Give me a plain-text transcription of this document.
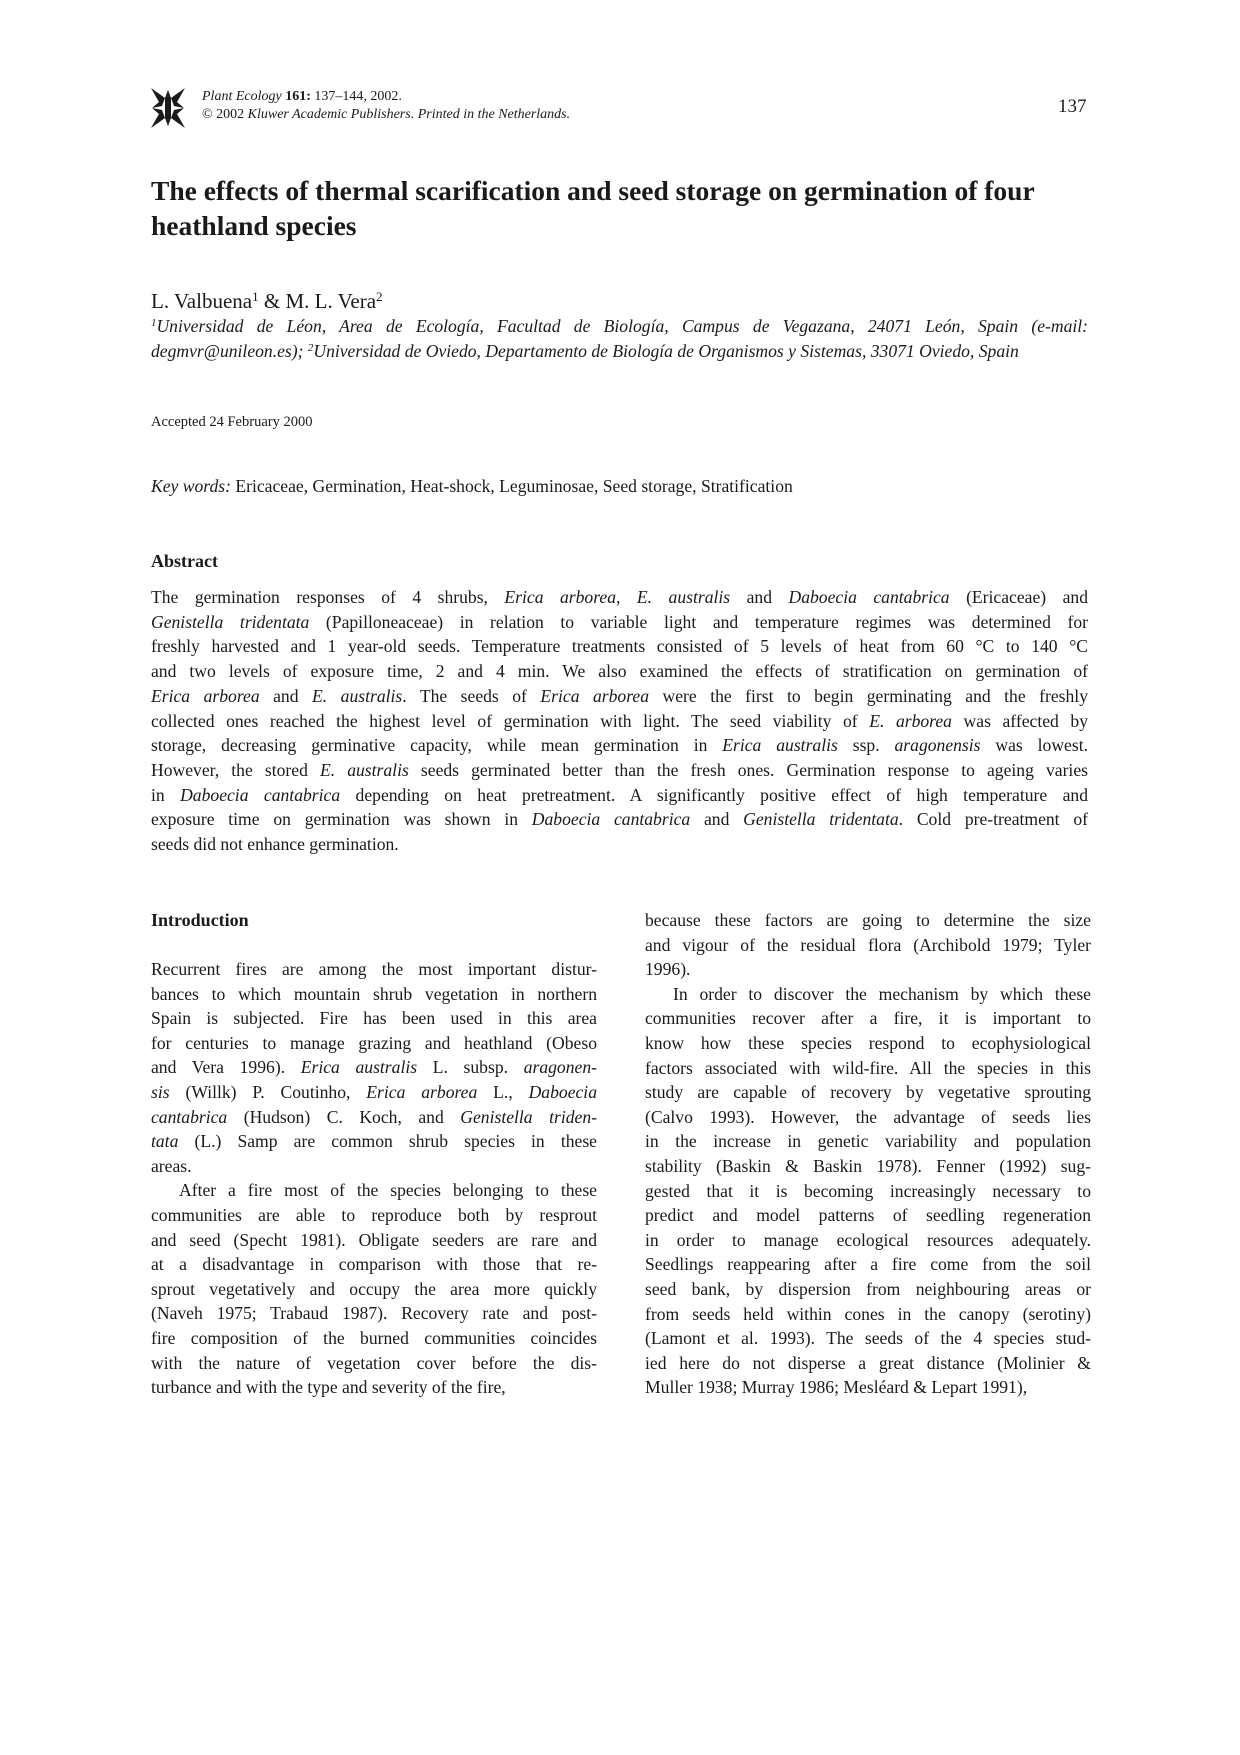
Plant Ecology 161: 137–144, 2002.
© 2002 Kluwer Academic Publishers. Printed in the Netherlands.	137
The effects of thermal scarification and seed storage on germination of four heathland species
L. Valbuena$^1$ & M. L. Vera$^2$
$^1$Universidad de Léon, Area de Ecología, Facultad de Biología, Campus de Vegazana, 24071 León, Spain (e-mail: degmvr@unileon.es); $^2$Universidad de Oviedo, Departamento de Biología de Organismos y Sistemas, 33071 Oviedo, Spain
Accepted 24 February 2000
Key words: Ericaceae, Germination, Heat-shock, Leguminosae, Seed storage, Stratification
Abstract

The germination responses of 4 shrubs, Erica arborea, E. australis and Daboecia cantabrica (Ericaceae) and
Genistella tridentata (Papilloneaceae) in relation to variable light and temperature regimes was determined for
freshly harvested and 1 year-old seeds. Temperature treatments consisted of 5 levels of heat from 60 °C to 140 °C
and two levels of exposure time, 2 and 4 min. We also examined the effects of stratification on germination of
Erica arborea and E. australis. The seeds of Erica arborea were the first to begin germinating and the freshly
collected ones reached the highest level of germination with light. The seed viability of E. arborea was affected by
storage, decreasing germinative capacity, while mean germination in Erica australis ssp. aragonensis was lowest.
However, the stored E. australis seeds germinated better than the fresh ones. Germination response to ageing varies
in Daboecia cantabrica depending on heat pretreatment. A significantly positive effect of high temperature and
exposure time on germination was shown in Daboecia cantabrica and Genistella tridentata. Cold pre-treatment of
seeds did not enhance germination.

Introduction

Recurrent fires are among the most important distur-
bances to which mountain shrub vegetation in northern
Spain is subjected. Fire has been used in this area
for centuries to manage grazing and heathland (Obeso
and Vera 1996). Erica australis L. subsp. aragonen-
sis (Willk) P. Coutinho, Erica arborea L., Daboecia
cantabrica (Hudson) C. Koch, and Genistella triden-
tata (L.) Samp are common shrub species in these
areas.
After a fire most of the species belonging to these
communities are able to reproduce both by resprout
and seed (Specht 1981). Obligate seeders are rare and
at a disadvantage in comparison with those that re-
sprout vegetatively and occupy the area more quickly
(Naveh 1975; Trabaud 1987). Recovery rate and post-
fire composition of the burned communities coincides
with the nature of vegetation cover before the dis-
turbance and with the type and severity of the fire,

because these factors are going to determine the size
and vigour of the residual flora (Archibold 1979; Tyler
1996).
In order to discover the mechanism by which these
communities recover after a fire, it is important to
know how these species respond to ecophysiological
factors associated with wild-fire. All the species in this
study are capable of recovery by vegetative sprouting
(Calvo 1993). However, the advantage of seeds lies
in the increase in genetic variability and population
stability (Baskin & Baskin 1978). Fenner (1992) sug-
gested that it is becoming increasingly necessary to
predict and model patterns of seedling regeneration
in order to manage ecological resources adequately.
Seedlings reappearing after a fire come from the soil
seed bank, by dispersion from neighbouring areas or
from seeds held within cones in the canopy (serotiny)
(Lamont et al. 1993). The seeds of the 4 species stud-
ied here do not disperse a great distance (Molinier &
Muller 1938; Murray 1986; Mesléard & Lepart 1991),
